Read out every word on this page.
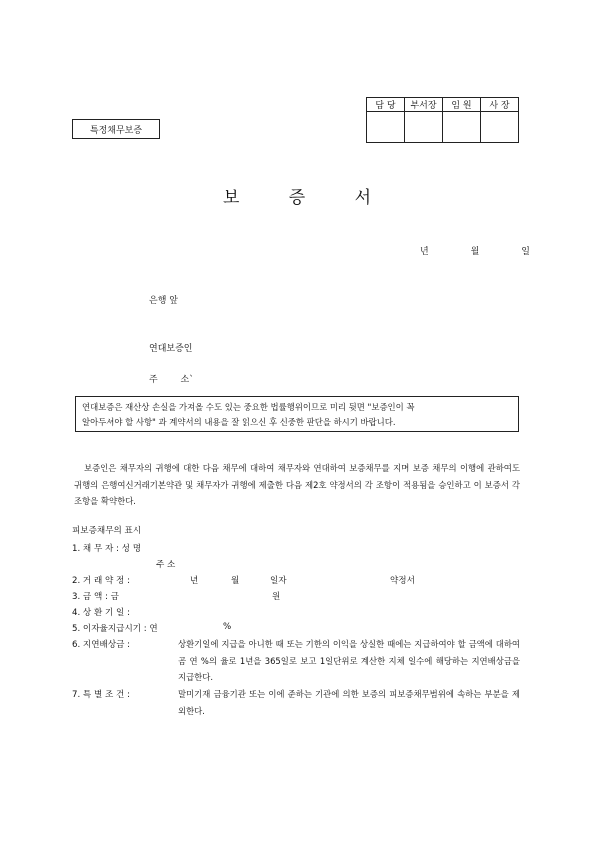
담 당	부서장	임 원	사 장

특정채무보증
보 증 서
년	월	일
은행 앞
연대보증인
주 소`
연대보증은 재산상 손실을 가져올 수도 있는 중요한 법률행위이므로 미리 뒷면 "보증인이 꼭
알아두셔야 할 사항" 과 계약서의 내용을 잘 읽으신 후 신중한 판단을 하시기 바랍니다.
보증인은 채무자의 귀행에 대한 다음 채무에 대하여 채무자와 연대하여 보증채무를 지며 보증 채무의 이행에 관하여도 귀행의 은행여신거래기본약관 및 채무자가 귀행에 제출한 다음 제2호 약정서의 각 조항이 적용됨을 승인하고 이 보증서 각 조항을 확약한다.
피보증채무의 표시
1. 채 무 자 : 성 명
주 소
2. 거 래 약 정 :	년	월	일자	약정서
3. 금 액 : 금	원
4. 상 환 기 일 :
5. 이자율지급시기 : 연	%
6. 지연배상금 :	상환기일에 지급을 아니한 때 또는 기한의 이익을 상실한 때에는 지급하여야 할 금액에 대하여 곰 연 %의 율로 1년을 365일로 보고 1일단위로 계산한 지체 일수에 해당하는 지연배상금을 지급한다.
7. 특 별 조 건 :	말미기재 금융기관 또는 이에 준하는 기관에 의한 보증의 피보증채무범위에 속하는 부분을 제외한다.
